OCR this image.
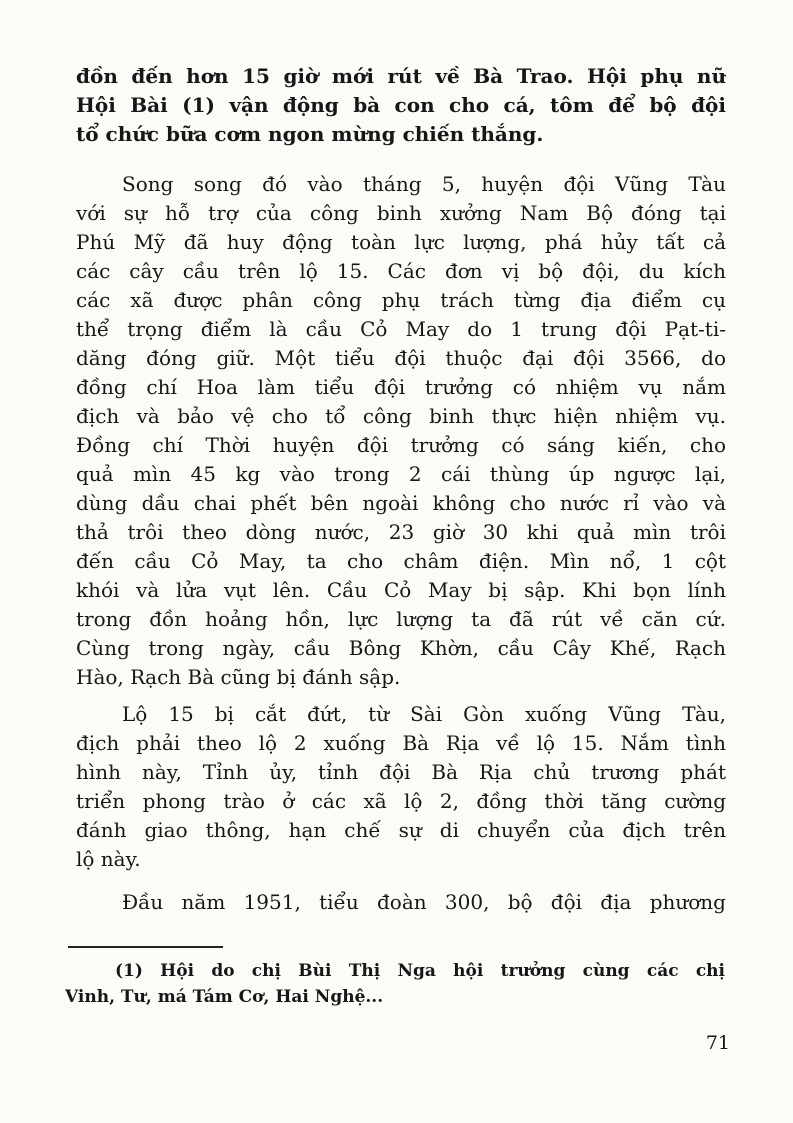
đồn đến hơn 15 giờ mới rút về Bà Trao. Hội phụ nữ
Hội Bài (1) vận động bà con cho cá, tôm để bộ đội
tổ chức bữa cơm ngon mừng chiến thắng.
Song song đó vào tháng 5, huyện đội Vũng Tàu
với sự hỗ trợ của công binh xưởng Nam Bộ đóng tại
Phú Mỹ đã huy động toàn lực lượng, phá hủy tất cả
các cây cầu trên lộ 15. Các đơn vị bộ đội, du kích
các xã được phân công phụ trách từng địa điểm cụ
thể trọng điểm là cầu Cỏ May do 1 trung đội Pạt-ti-
dăng đóng giữ. Một tiểu đội thuộc đại đội 3566, do
đồng chí Hoa làm tiểu đội trưởng có nhiệm vụ nắm
địch và bảo vệ cho tổ công binh thực hiện nhiệm vụ.
Đồng chí Thời huyện đội trưởng có sáng kiến, cho
quả mìn 45 kg vào trong 2 cái thùng úp ngược lại,
dùng dầu chai phết bên ngoài không cho nước rỉ vào và
thả trôi theo dòng nước, 23 giờ 30 khi quả mìn trôi
đến cầu Cỏ May, ta cho châm điện. Mìn nổ, 1 cột
khói và lửa vụt lên. Cầu Cỏ May bị sập. Khi bọn lính
trong đồn hoảng hồn, lực lượng ta đã rút về căn cứ.
Cùng trong ngày, cầu Bông Khờn, cầu Cây Khế, Rạch
Hào, Rạch Bà cũng bị đánh sập.
Lộ 15 bị cắt đứt, từ Sài Gòn xuống Vũng Tàu,
địch phải theo lộ 2 xuống Bà Rịa về lộ 15. Nắm tình
hình này, Tỉnh ủy, tỉnh đội Bà Rịa chủ trương phát
triển phong trào ở các xã lộ 2, đồng thời tăng cường
đánh giao thông, hạn chế sự di chuyển của địch trên
lộ này.
Đầu năm 1951, tiểu đoàn 300, bộ đội địa phương
(1) Hội do chị Bùi Thị Nga hội trưởng cùng các chị
Vinh, Tư, má Tám Cơ, Hai Nghệ...
71
